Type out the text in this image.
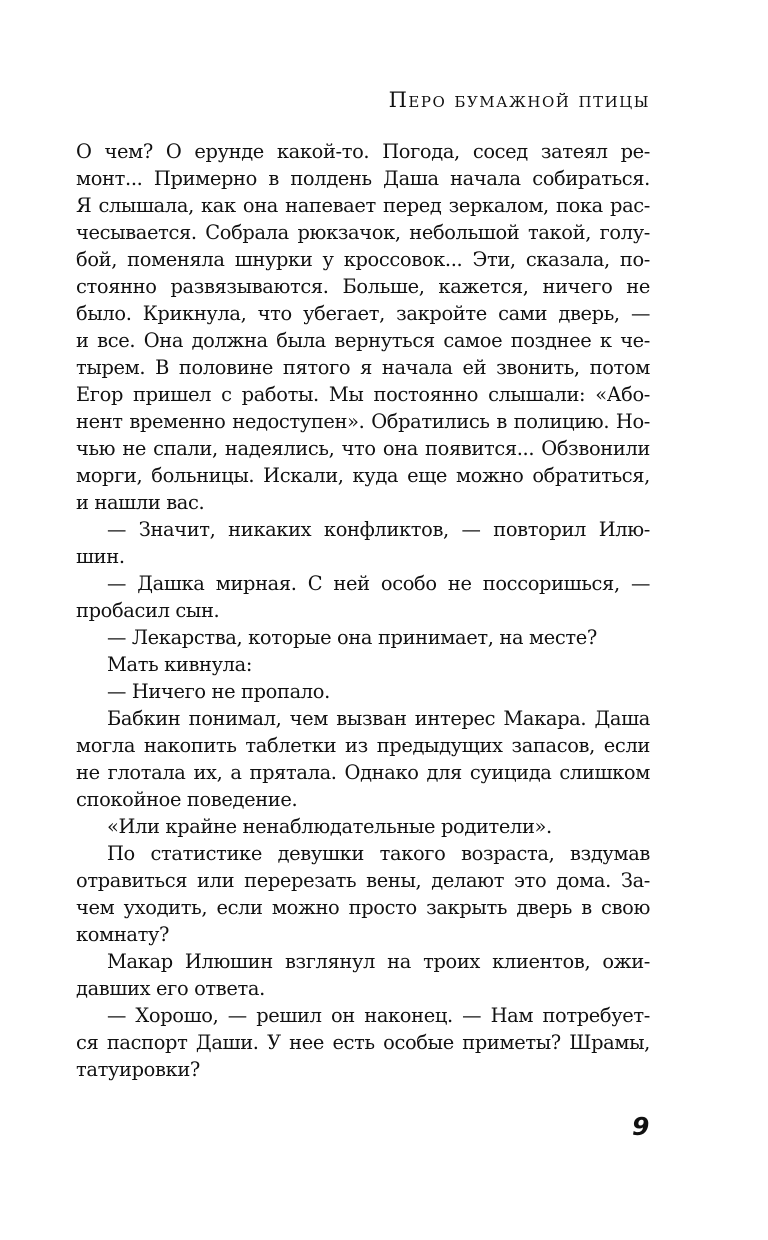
Перо бумажной птицы
О чем? О ерунде какой-то. Погода, сосед затеял ре-
монт... Примерно в полдень Даша начала собираться.
Я слышала, как она напевает перед зеркалом, пока рас-
чесывается. Собрала рюкзачок, небольшой такой, голу-
бой, поменяла шнурки у кроссовок... Эти, сказала, по-
стоянно развязываются. Больше, кажется, ничего не
было. Крикнула, что убегает, закройте сами дверь, —
и все. Она должна была вернуться самое позднее к че-
тырем. В половине пятого я начала ей звонить, потом
Егор пришел с работы. Мы постоянно слышали: «Або-
нент временно недоступен». Обратились в полицию. Но-
чью не спали, надеялись, что она появится... Обзвонили
морги, больницы. Искали, куда еще можно обратиться,
и нашли вас.
— Значит, никаких конфликтов, — повторил Илю-
шин.
— Дашка мирная. С ней особо не поссоришься, —
пробасил сын.
— Лекарства, которые она принимает, на месте?
Мать кивнула:
— Ничего не пропало.
Бабкин понимал, чем вызван интерес Макара. Даша
могла накопить таблетки из предыдущих запасов, если
не глотала их, а прятала. Однако для суицида слишком
спокойное поведение.
«Или крайне ненаблюдательные родители».
По статистике девушки такого возраста, вздумав
отравиться или перерезать вены, делают это дома. За-
чем уходить, если можно просто закрыть дверь в свою
комнату?
Макар Илюшин взглянул на троих клиентов, ожи-
давших его ответа.
— Хорошо, — решил он наконец. — Нам потребует-
ся паспорт Даши. У нее есть особые приметы? Шрамы,
татуировки?
9
